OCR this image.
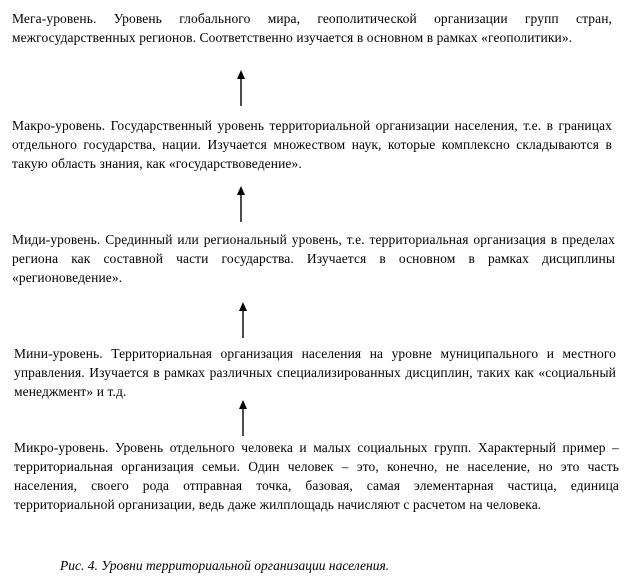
Мега-уровень. Уровень глобального мира, геополитической организации групп стран, межгосударственных регионов. Соответственно изучается в основном в рамках «геополитики».
Макро-уровень. Государственный уровень территориальной организации населения, т.е. в границах отдельного государства, нации. Изучается множеством наук, которые комплексно складываются в такую область знания, как «государствоведение».
Миди-уровень. Срединный или региональный уровень, т.е. территориальная организация в пределах региона как составной части государства. Изучается в основном в рамках дисциплины «регионоведение».
Мини-уровень. Территориальная организация населения на уровне муниципального и местного управления. Изучается в рамках различных специализированных дисциплин, таких как «социальный менеджмент» и т.д.
Микро-уровень. Уровень отдельного человека и малых социальных групп. Характерный пример – территориальная организация семьи. Один человек – это, конечно, не население, но это часть населения, своего рода отправная точка, базовая, самая элементарная частица, единица территориальной организации, ведь даже жилплощадь начисляют с расчетом на человека.
Рис. 4. Уровни территориальной организации населения.
